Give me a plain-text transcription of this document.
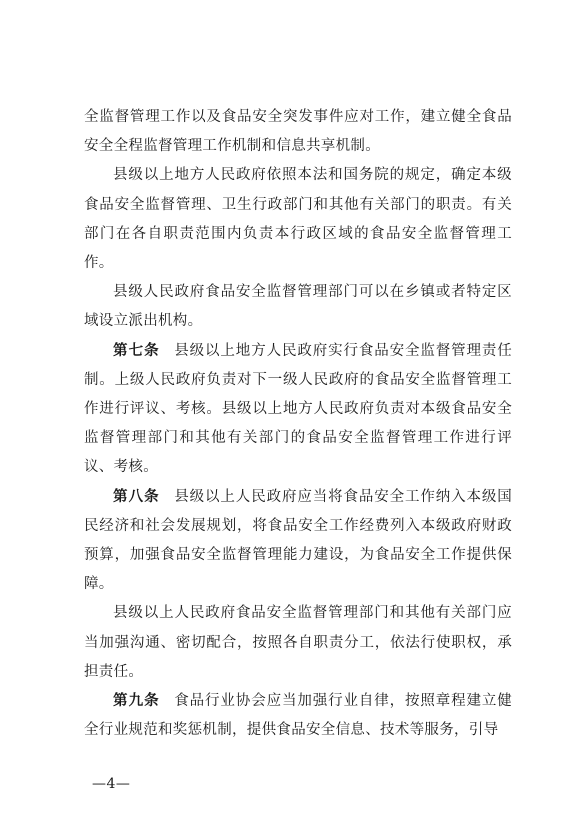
全监督管理工作以及食品安全突发事件应对工作，建立健全食品安全全程监督管理工作机制和信息共享机制。

县级以上地方人民政府依照本法和国务院的规定，确定本级食品安全监督管理、卫生行政部门和其他有关部门的职责。有关部门在各自职责范围内负责本行政区域的食品安全监督管理工作。

县级人民政府食品安全监督管理部门可以在乡镇或者特定区域设立派出机构。

第七条 县级以上地方人民政府实行食品安全监督管理责任制。上级人民政府负责对下一级人民政府的食品安全监督管理工作进行评议、考核。县级以上地方人民政府负责对本级食品安全监督管理部门和其他有关部门的食品安全监督管理工作进行评议、考核。

第八条 县级以上人民政府应当将食品安全工作纳入本级国民经济和社会发展规划，将食品安全工作经费列入本级政府财政预算，加强食品安全监督管理能力建设，为食品安全工作提供保障。

县级以上人民政府食品安全监督管理部门和其他有关部门应当加强沟通、密切配合，按照各自职责分工，依法行使职权，承担责任。

第九条 食品行业协会应当加强行业自律，按照章程建立健全行业规范和奖惩机制，提供食品安全信息、技术等服务，引导

—4—
